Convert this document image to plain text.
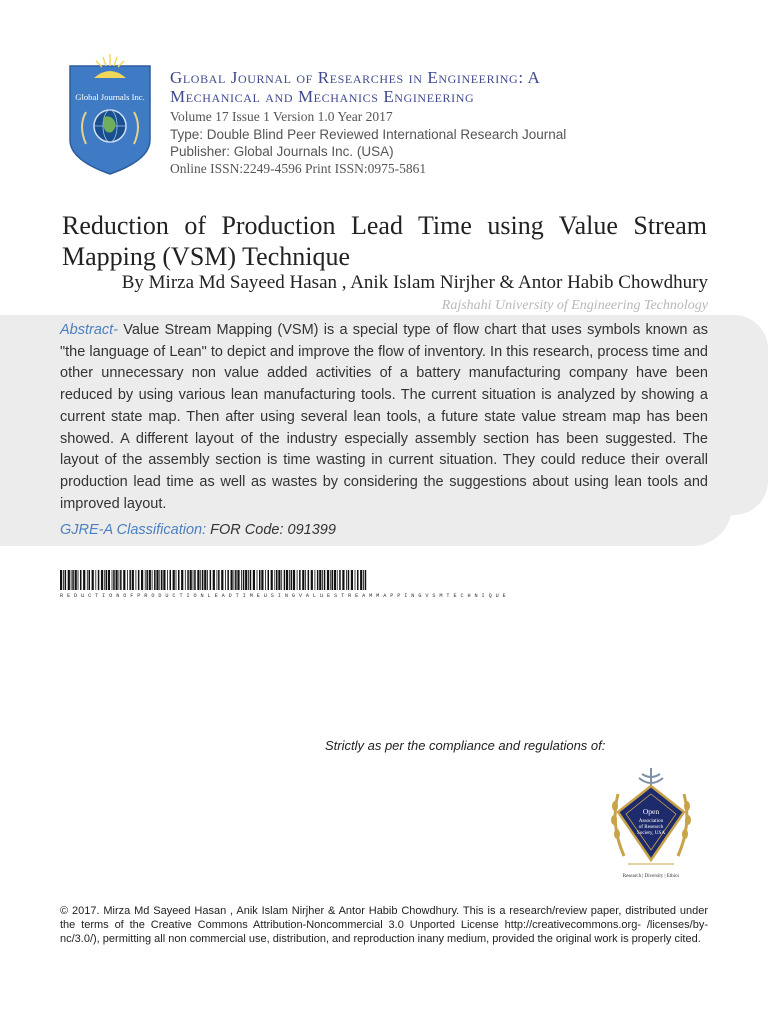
Global Journals Inc.
Global Journal of Researches in Engineering: A
Mechanical and Mechanics Engineering
Volume 17 Issue 1 Version 1.0 Year 2017
Type: Double Blind Peer Reviewed International Research Journal
Publisher: Global Journals Inc. (USA)
Online ISSN:2249-4596 Print ISSN:0975-5861
Reduction of Production Lead Time using Value Stream
Mapping (VSM) Technique
By Mirza Md Sayeed Hasan , Anik Islam Nirjher & Antor Habib Chowdhury
Rajshahi University of Engineering Technology
Abstract- Value Stream Mapping (VSM) is a special type of flow chart that uses symbols known as "the language of Lean" to depict and improve the flow of inventory. In this research, process time and other unnecessary non value added activities of a battery manufacturing company have been reduced by using various lean manufacturing tools. The current situation is analyzed by showing a current state map. Then after using several lean tools, a future state value stream map has been showed. A different layout of the industry especially assembly section has been suggested. The layout of the assembly section is time wasting in current situation. They could reduce their overall production lead time as well as wastes by considering the suggestions about using lean tools and improved layout.
GJRE-A Classification: FOR Code: 091399
R E D U C T I O N O F P R O D U C T I O N L E A D T I M E U S I N G V A L U E S T R E A M M A P P I N G V S M T E C H N I Q U E
Strictly as per the compliance and regulations of:
Open
Association
of Research
Society, USA
Research | Diversity | Ethics
© 2017. Mirza Md Sayeed Hasan , Anik Islam Nirjher & Antor Habib Chowdhury. This is a research/review paper, distributed under the terms of the Creative Commons Attribution-Noncommercial 3.0 Unported License http://creativecommons.org- /licenses/by-nc/3.0/), permitting all non commercial use, distribution, and reproduction inany medium, provided the original work is properly cited.
